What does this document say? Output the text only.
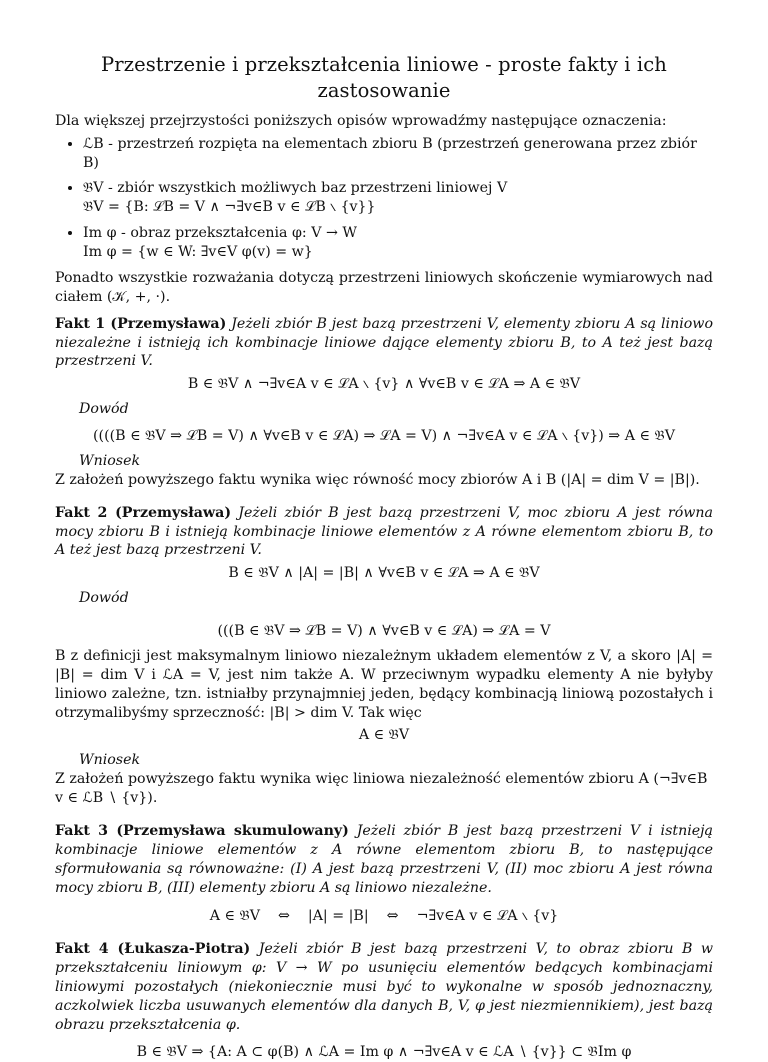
Przestrzenie i przekształcenia liniowe - proste fakty i ich zastosowanie

Dla większej przejrzystości poniższych opisów wprowadźmy następujące oznaczenia:

• ℒB - przestrzeń rozpięta na elementach zbioru B (przestrzeń generowana przez zbiór B)
• 𝔅V - zbiór wszystkich możliwych baz przestrzeni liniowej V
𝔅V = {B: ℒB = V ∧ ¬∃v∈B v ∈ ℒB ∖ {v}}
• Im φ - obraz przekształcenia φ: V → W
Im φ = {w ∈ W: ∃v∈V φ(v) = w}

Ponadto wszystkie rozważania dotyczą przestrzeni liniowych skończenie wymiarowych nad ciałem (𝒦, +, ·).

Fakt 1 (Przemysława) Jeżeli zbiór B jest bazą przestrzeni V, elementy zbioru A są liniowo niezależne i istnieją ich kombinacje liniowe dające elementy zbioru B, to A też jest bazą przestrzeni V.
B ∈ 𝔅V ∧ ¬∃v∈A v ∈ ℒA ∖ {v} ∧ ∀v∈B v ∈ ℒA ⇒ A ∈ 𝔅V
Dowód
((((B ∈ 𝔅V ⇒ ℒB = V) ∧ ∀v∈B v ∈ ℒA) ⇒ ℒA = V) ∧ ¬∃v∈A v ∈ ℒA ∖ {v}) ⇒ A ∈ 𝔅V
Wniosek

Z założeń powyższego faktu wynika więc równość mocy zbiorów A i B (|A| = dim V = |B|).

Fakt 2 (Przemysława) Jeżeli zbiór B jest bazą przestrzeni V, moc zbioru A jest równa mocy zbioru B i istnieją kombinacje liniowe elementów z A równe elementom zbioru B, to A też jest bazą przestrzeni V.
B ∈ 𝔅V ∧ |A| = |B| ∧ ∀v∈B v ∈ ℒA ⇒ A ∈ 𝔅V
Dowód
(((B ∈ 𝔅V ⇒ ℒB = V) ∧ ∀v∈B v ∈ ℒA) ⇒ ℒA = V

B z definicji jest maksymalnym liniowo niezależnym układem elementów z V, a skoro |A| = |B| = dim V i ℒA = V, jest nim także A. W przeciwnym wypadku elementy A nie byłyby liniowo zależne, tzn. istniałby przynajmniej jeden, będący kombinacją liniową pozostałych i otrzymalibyśmy sprzeczność: |B| > dim V. Tak więc

A ∈ 𝔅V
Wniosek

Z założeń powyższego faktu wynika więc liniowa niezależność elementów zbioru A (¬∃v∈B v ∈ ℒB ∖ {v}).

Fakt 3 (Przemysława skumulowany) Jeżeli zbiór B jest bazą przestrzeni V i istnieją kombinacje liniowe elementów z A równe elementom zbioru B, to następujące sformułowania są równoważne: (I) A jest bazą przestrzeni V, (II) moc zbioru A jest równa mocy zbioru B, (III) elementy zbioru A są liniowo niezależne.
A ∈ 𝔅V    ⇔    |A| = |B|    ⇔    ¬∃v∈A v ∈ ℒA ∖ {v}
Fakt 4 (Łukasza-Piotra) Jeżeli zbiór B jest bazą przestrzeni V, to obraz zbioru B w przekształceniu liniowym φ: V → W po usunięciu elementów bedących kombinacjami liniowymi pozostałych (niekoniecznie musi być to wykonalne w sposób jednoznaczny, aczkolwiek liczba usuwanych elementów dla danych B, V, φ jest niezmiennikiem), jest bazą obrazu przekształcenia φ.
B ∈ 𝔅V ⇒ {A: A ⊂ φ(B) ∧ ℒA = Im φ ∧ ¬∃v∈A v ∈ ℒA ∖ {v}} ⊂ 𝔅Im φ
